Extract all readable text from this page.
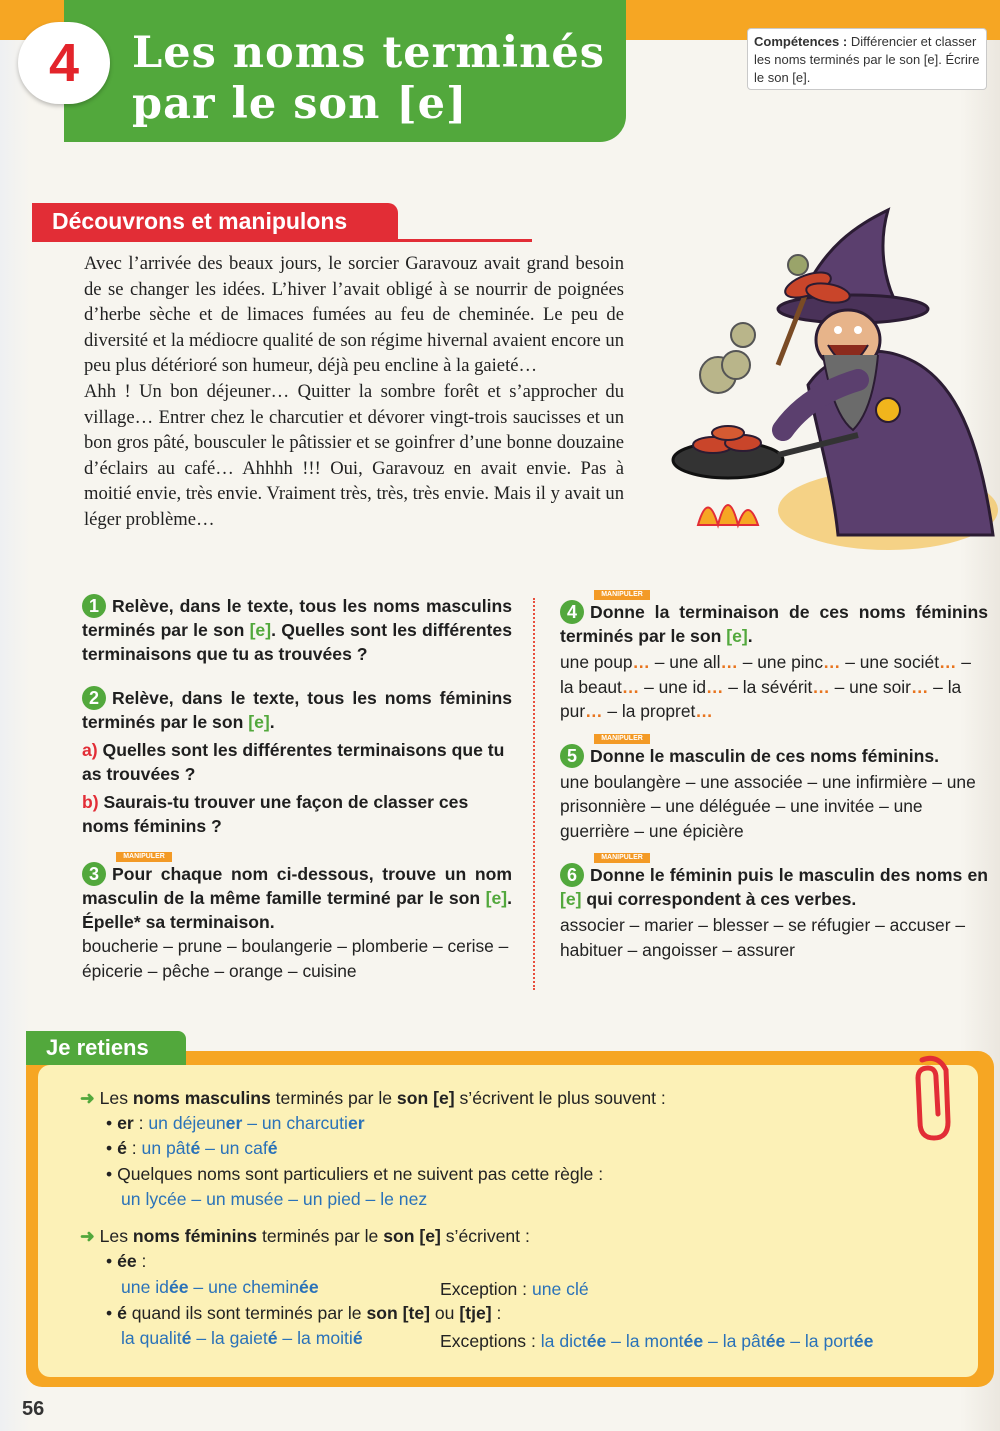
4 Les noms terminés
par le son [e]
Compétences : Différencier et classer les noms terminés par le son [e]. Écrire le son [e].
Découvrons et manipulons

Avec l’arrivée des beaux jours, le sorcier Garavouz avait grand besoin de se changer les idées. L’hiver l’avait obligé à se nourrir de poignées d’herbe sèche et de limaces fumées au feu de cheminée. Le peu de diversité et la médiocre qualité de son régime hivernal avaient encore un peu plus détérioré son humeur, déjà peu encline à la gaieté…

Ahh ! Un bon déjeuner… Quitter la sombre forêt et s’approcher du village… Entrer chez le charcutier et dévorer vingt-trois saucisses et un bon gros pâté, bousculer le pâtissier et se goinfrer d’une bonne douzaine d’éclairs au café… Ahhhh !!! Oui, Garavouz en avait envie. Pas à moitié envie, très envie. Vraiment très, très, très envie. Mais il y avait un léger problème…

1 Relève, dans le texte, tous les noms masculins terminés par le son [e]. Quelles sont les différentes terminaisons que tu as trouvées ?
2 Relève, dans le texte, tous les noms féminins terminés par le son [e].
a) Quelles sont les différentes terminaisons que tu as trouvées ?
b) Saurais-tu trouver une façon de classer ces noms féminins ?
MANIPULER
3 Pour chaque nom ci-dessous, trouve un nom masculin de la même famille terminé par le son [e]. Épelle* sa terminaison.
boucherie – prune – boulangerie – plomberie – cerise – épicerie – pêche – orange – cuisine
MANIPULER
4 Donne la terminaison de ces noms féminins terminés par le son [e].
une poup… – une all… – une pinc… – une sociét… – la beaut… – une id… – la sévérit… – une soir… – la pur… – la propret…
MANIPULER
5 Donne le masculin de ces noms féminins.
une boulangère – une associée – une infirmière – une prisonnière – une déléguée – une invitée – une guerrière – une épicière
MANIPULER
6 Donne le féminin puis le masculin des noms en [e] qui correspondent à ces verbes.
associer – marier – blesser – se réfugier – accuser – habituer – angoisser – assurer
Je retiens
➜ Les noms masculins terminés par le son [e] s’écrivent le plus souvent :
• er : un déjeuner – un charcutier
• é : un pâté – un café
• Quelques noms sont particuliers et ne suivent pas cette règle :
un lycée – un musée – un pied – le nez
➜ Les noms féminins terminés par le son [e] s’écrivent :
• ée :
une idée – une cheminée	Exception : une clé
• é quand ils sont terminés par le son [te] ou [tje] :
la qualité – la gaieté – la moitié	Exceptions : la dictée – la montée – la pâtée – la portée
56
